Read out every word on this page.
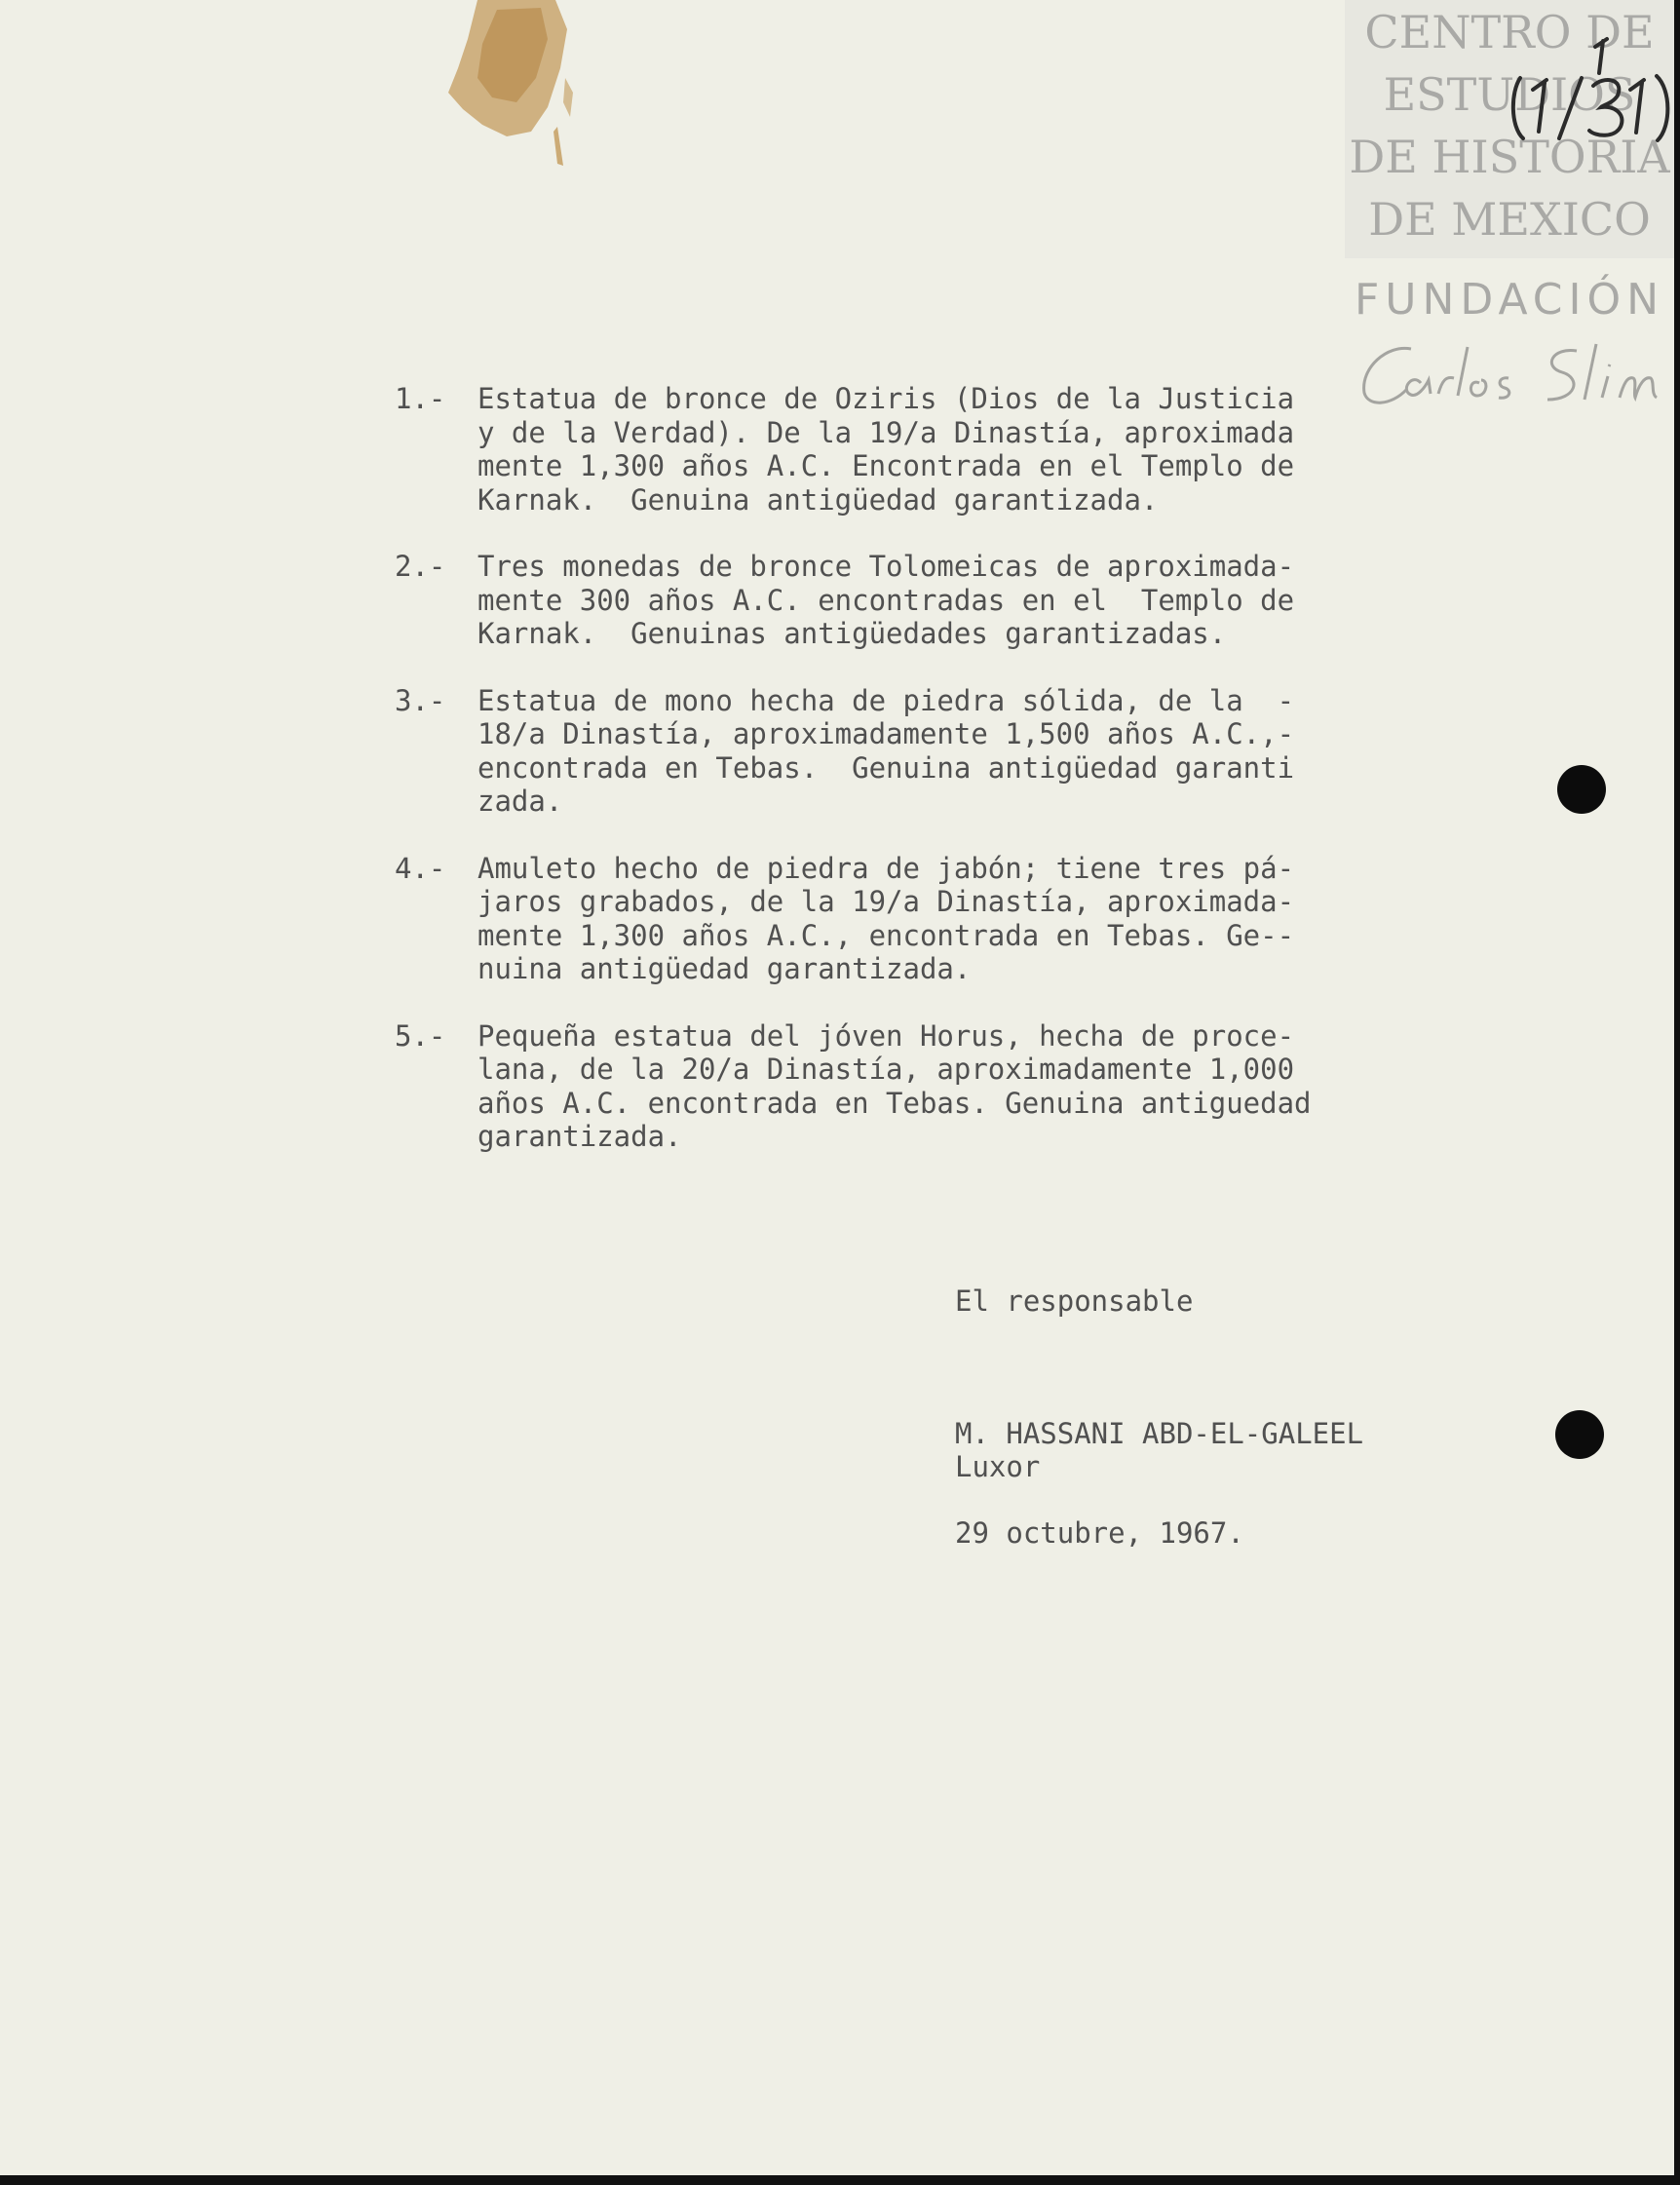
CENTRO DE
ESTUDIOS
DE HISTORIA
DE MEXICO
FUNDACIÓN
1.-	Estatua de bronce de Oziris (Dios de la Justicia
y de la Verdad). De la 19/a Dinastía, aproximada
mente 1,300 años A.C. Encontrada en el Templo de
Karnak.  Genuina antigüedad garantizada.
2.-	Tres monedas de bronce Tolomeicas de aproximada-
mente 300 años A.C. encontradas en el  Templo de
Karnak.  Genuinas antigüedades garantizadas.
3.-	Estatua de mono hecha de piedra sólida, de la  -
18/a Dinastía, aproximadamente 1,500 años A.C.,-
encontrada en Tebas.  Genuina antigüedad garanti
zada.
4.-	Amuleto hecho de piedra de jabón; tiene tres pá-
jaros grabados, de la 19/a Dinastía, aproximada-
mente 1,300 años A.C., encontrada en Tebas. Ge--
nuina antigüedad garantizada.
5.-	Pequeña estatua del jóven Horus, hecha de proce-
lana, de la 20/a Dinastía, aproximadamente 1,000
años A.C. encontrada en Tebas. Genuina antiguedad
garantizada.
El responsable
M. HASSANI ABD-EL-GALEEL
Luxor
29 octubre, 1967.
